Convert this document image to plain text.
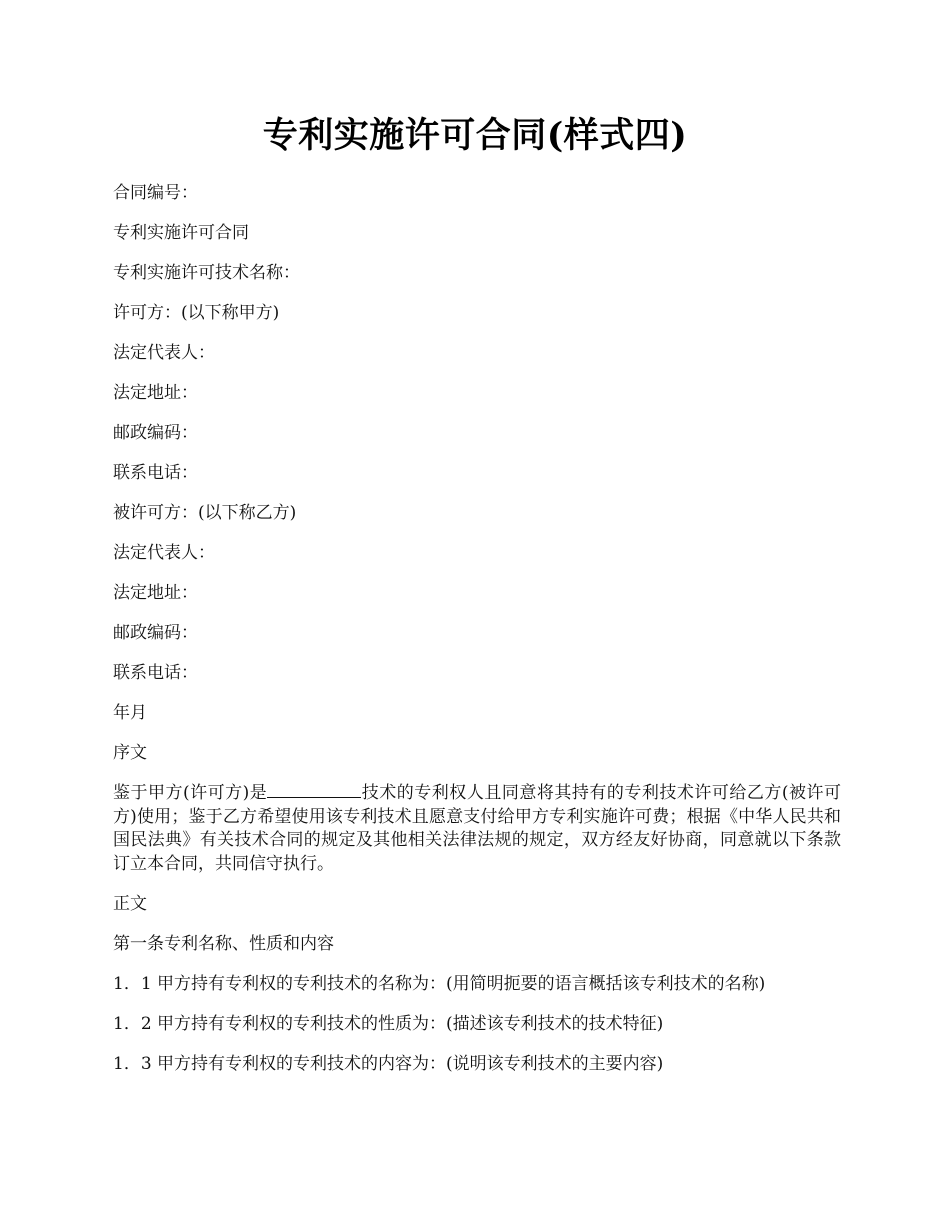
专利实施许可合同(样式四)
合同编号：
专利实施许可合同
专利实施许可技术名称：
许可方：(以下称甲方)
法定代表人：
法定地址：
邮政编码：
联系电话：
被许可方：(以下称乙方)
法定代表人：
法定地址：
邮政编码：
联系电话：
年月
序文
鉴于甲方(许可方)是	技术的专利权人且同意将其持有的专利技术许可给乙方(被许可方)使用；鉴于乙方希望使用该专利技术且愿意支付给甲方专利实施许可费；根据《中华人民共和国民法典》有关技术合同的规定及其他相关法律法规的规定，双方经友好协商，同意就以下条款订立本合同，共同信守执行。
正文
第一条专利名称、性质和内容
1．1 甲方持有专利权的专利技术的名称为：(用简明扼要的语言概括该专利技术的名称)
1．2 甲方持有专利权的专利技术的性质为：(描述该专利技术的技术特征)
1．3 甲方持有专利权的专利技术的内容为：(说明该专利技术的主要内容)
